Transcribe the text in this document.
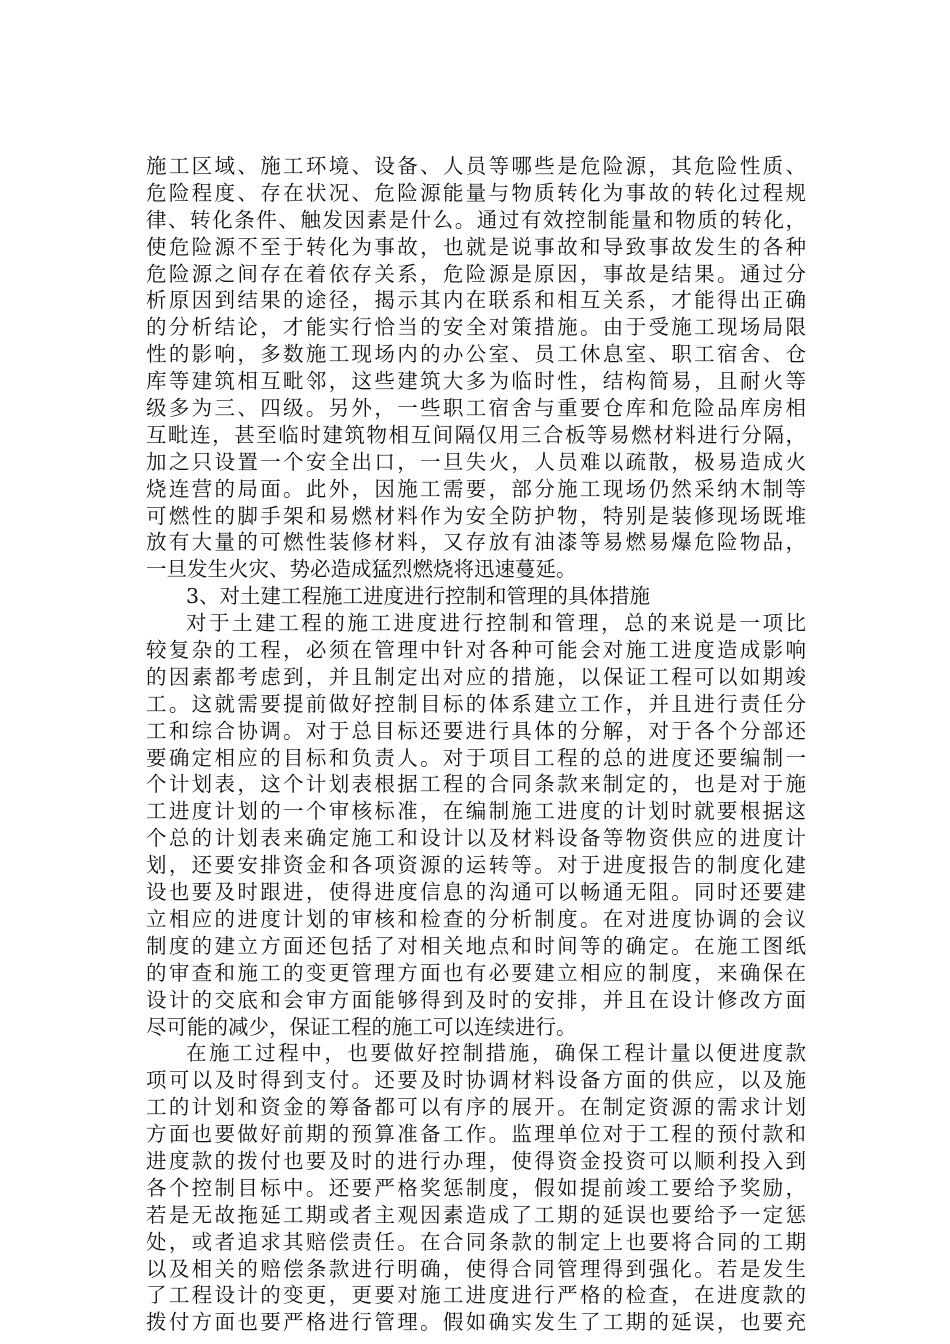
施工区域、施工环境、设备、人员等哪些是危险源，其危险性质、
危险程度、存在状况、危险源能量与物质转化为事故的转化过程规
律、转化条件、触发因素是什么。通过有效控制能量和物质的转化，
使危险源不至于转化为事故，也就是说事故和导致事故发生的各种
危险源之间存在着依存关系，危险源是原因，事故是结果。通过分
析原因到结果的途径，揭示其内在联系和相互关系，才能得出正确
的分析结论，才能实行恰当的安全对策措施。由于受施工现场局限
性的影响，多数施工现场内的办公室、员工休息室、职工宿舍、仓
库等建筑相互毗邻，这些建筑大多为临时性，结构简易，且耐火等
级多为三、四级。另外，一些职工宿舍与重要仓库和危险品库房相
互毗连，甚至临时建筑物相互间隔仅用三合板等易燃材料进行分隔，
加之只设置一个安全出口，一旦失火，人员难以疏散，极易造成火
烧连营的局面。此外，因施工需要，部分施工现场仍然采纳木制等
可燃性的脚手架和易燃材料作为安全防护物，特别是装修现场既堆
放有大量的可燃性装修材料，又存放有油漆等易燃易爆危险物品，
一旦发生火灾、势必造成猛烈燃烧将迅速蔓延。
3、对土建工程施工进度进行控制和管理的具体措施
对于土建工程的施工进度进行控制和管理，总的来说是一项比
较复杂的工程，必须在管理中针对各种可能会对施工进度造成影响
的因素都考虑到，并且制定出对应的措施，以保证工程可以如期竣
工。这就需要提前做好控制目标的体系建立工作，并且进行责任分
工和综合协调。对于总目标还要进行具体的分解，对于各个分部还
要确定相应的目标和负责人。对于项目工程的总的进度还要编制一
个计划表，这个计划表根据工程的合同条款来制定的，也是对于施
工进度计划的一个审核标准，在编制施工进度的计划时就要根据这
个总的计划表来确定施工和设计以及材料设备等物资供应的进度计
划，还要安排资金和各项资源的运转等。对于进度报告的制度化建
设也要及时跟进，使得进度信息的沟通可以畅通无阻。同时还要建
立相应的进度计划的审核和检查的分析制度。在对进度协调的会议
制度的建立方面还包括了对相关地点和时间等的确定。在施工图纸
的审查和施工的变更管理方面也有必要建立相应的制度，来确保在
设计的交底和会审方面能够得到及时的安排，并且在设计修改方面
尽可能的减少，保证工程的施工可以连续进行。
在施工过程中，也要做好控制措施，确保工程计量以便进度款
项可以及时得到支付。还要及时协调材料设备方面的供应，以及施
工的计划和资金的筹备都可以有序的展开。在制定资源的需求计划
方面也要做好前期的预算准备工作。监理单位对于工程的预付款和
进度款的拨付也要及时的进行办理，使得资金投资可以顺利投入到
各个控制目标中。还要严格奖惩制度，假如提前竣工要给予奖励，
若是无故拖延工期或者主观因素造成了工期的延误也要给予一定惩
处，或者追求其赔偿责任。在合同条款的制定上也要将合同的工期
以及相关的赔偿条款进行明确，使得合同管理得到强化。若是发生
了工程设计的变更，更要对施工进度进行严格的检查，在进度款的
拨付方面也要严格进行管理。假如确实发生了工期的延误，也要充
